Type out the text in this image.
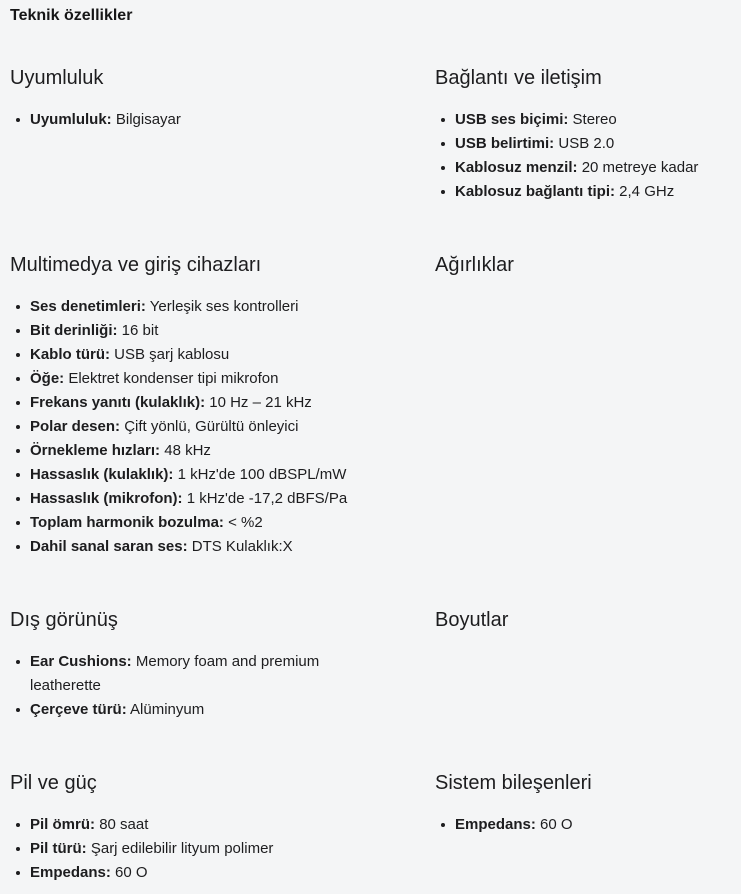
Teknik özellikler
Uyumluluk
Uyumluluk: Bilgisayar
Bağlantı ve iletişim
USB ses biçimi: Stereo
USB belirtimi: USB 2.0
Kablosuz menzil: 20 metreye kadar
Kablosuz bağlantı tipi: 2,4 GHz
Multimedya ve giriş cihazları
Ses denetimleri: Yerleşik ses kontrolleri
Bit derinliği: 16 bit
Kablo türü: USB şarj kablosu
Öğe: Elektret kondenser tipi mikrofon
Frekans yanıtı (kulaklık): 10 Hz – 21 kHz
Polar desen: Çift yönlü, Gürültü önleyici
Örnekleme hızları: 48 kHz
Hassaslık (kulaklık): 1 kHz'de 100 dBSPL/mW
Hassaslık (mikrofon): 1 kHz'de -17,2 dBFS/Pa
Toplam harmonik bozulma: < %2
Dahil sanal saran ses: DTS Kulaklık:X
Ağırlıklar
Dış görünüş
Ear Cushions: Memory foam and premium leatherette
Çerçeve türü: Alüminyum
Boyutlar
Pil ve güç
Pil ömrü: 80 saat
Pil türü: Şarj edilebilir lityum polimer
Empedans: 60 O
Sistem bileşenleri
Empedans: 60 O
